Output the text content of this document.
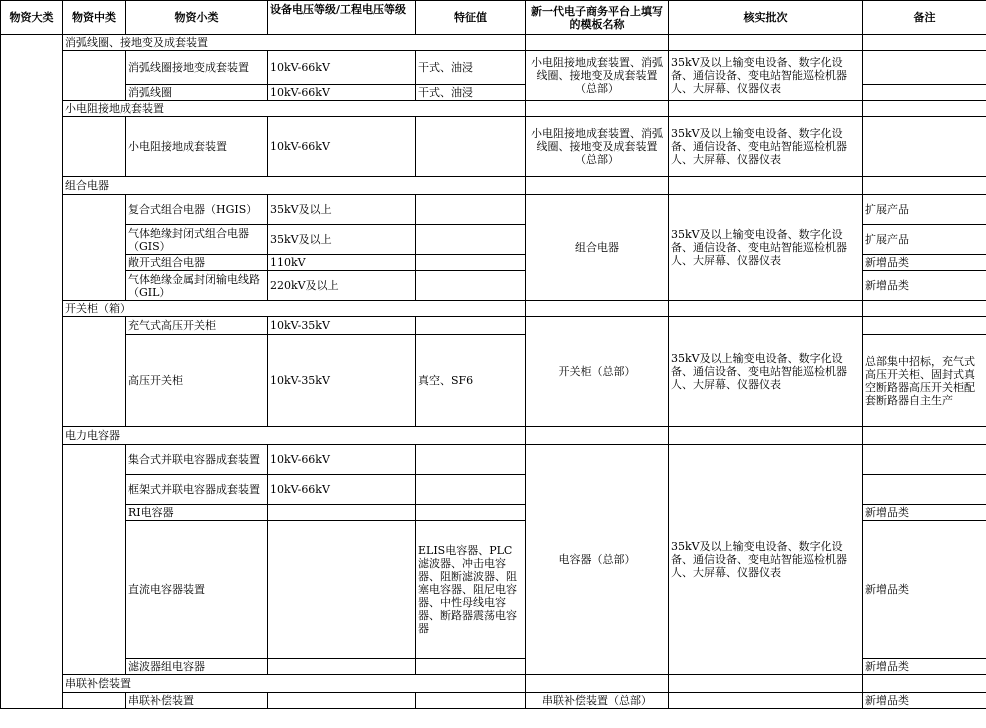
物资大类	物资中类	物资小类	设备电压等级/工程电压等级	特征值	新一代电子商务平台上填写的模板名称	核实批次	备注
	消弧线圈、接地变及成套装置						
		消弧线圈接地变成套装置	10kV-66kV	干式、油浸	小电阻接地成套装置、消弧线圈、接地变及成套装置（总部）	35kV及以上输变电设备、数字化设备、通信设备、变电站智能巡检机器人、大屏幕、仪器仪表	
		消弧线圈	10kV-66kV	干式、油浸			
	小电阻接地成套装置						
		小电阻接地成套装置	10kV-66kV		小电阻接地成套装置、消弧线圈、接地变及成套装置（总部）	35kV及以上输变电设备、数字化设备、通信设备、变电站智能巡检机器人、大屏幕、仪器仪表	
	组合电器						
		复合式组合电器（HGIS）	35kV及以上		组合电器	35kV及以上输变电设备、数字化设备、通信设备、变电站智能巡检机器人、大屏幕、仪器仪表	扩展产品
		气体绝缘封闭式组合电器（GIS）	35kV及以上				扩展产品
		敞开式组合电器	110kV				新增品类
		气体绝缘金属封闭输电线路（GIL）	220kV及以上				新增品类
	开关柜（箱）						
		充气式高压开关柜	10kV-35kV		开关柜（总部）	35kV及以上输变电设备、数字化设备、通信设备、变电站智能巡检机器人、大屏幕、仪器仪表	
		高压开关柜	10kV-35kV	真空、SF6			总部集中招标，充气式高压开关柜、固封式真空断路器高压开关柜配套断路器自主生产
	电力电容器						
		集合式并联电容器成套装置	10kV-66kV		电容器（总部）	35kV及以上输变电设备、数字化设备、通信设备、变电站智能巡检机器人、大屏幕、仪器仪表	
		框架式并联电容器成套装置	10kV-66kV				
		RI电容器					新增品类
		直流电容器装置		ELIS电容器、PLC滤波器、冲击电容器、阻断滤波器、阻塞电容器、阻尼电容器、中性母线电容器、断路器震荡电容器			新增品类
		滤波器组电容器					新增品类
	串联补偿装置						
		串联补偿装置			串联补偿装置（总部）		新增品类
